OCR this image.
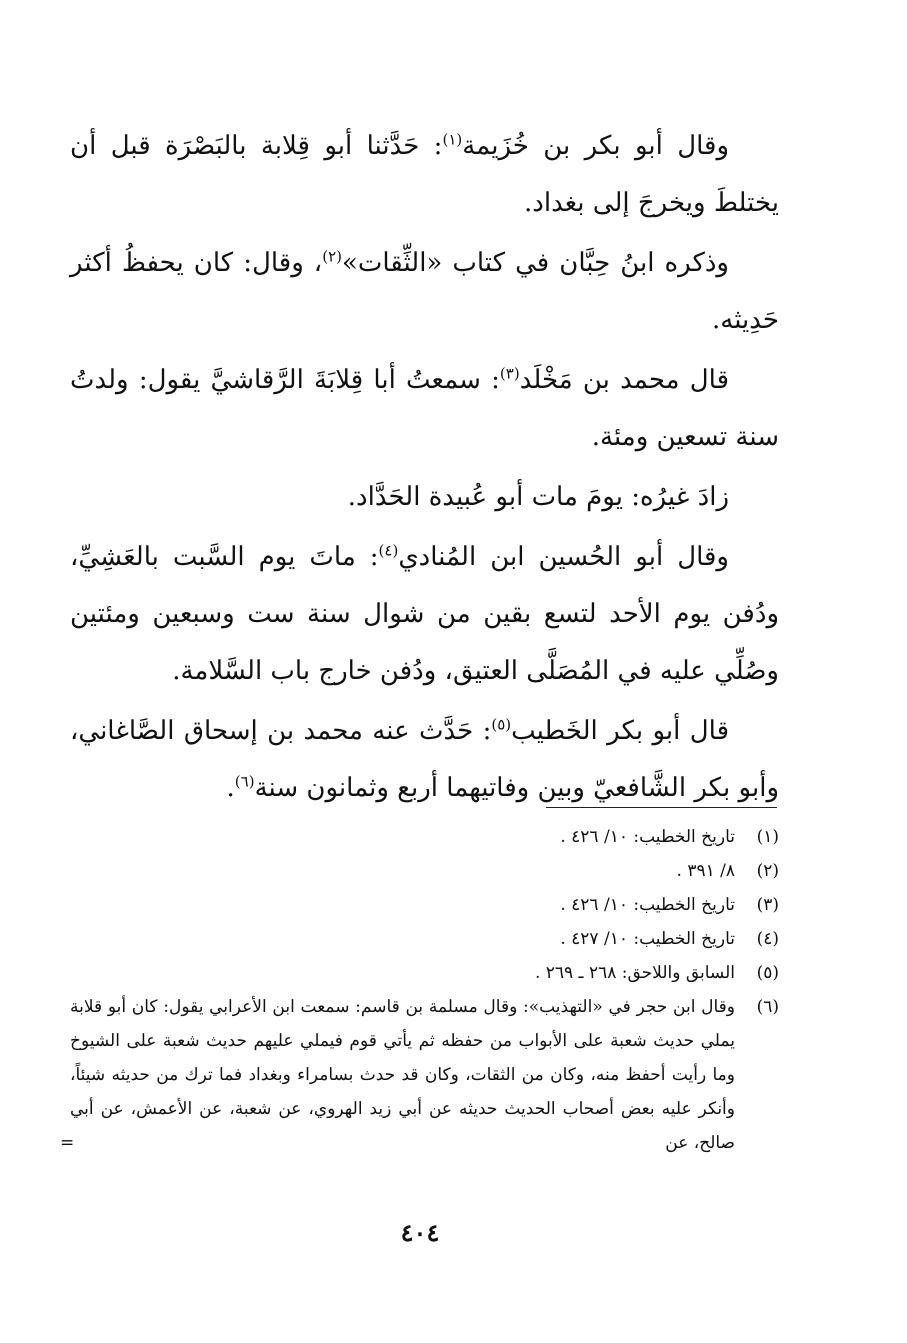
وقال أبو بكر بن خُزَيمة$^{(١)}$: حَدَّثنا أبو قِلابة بالبَصْرَة قبل أن يختلطَ ويخرجَ إلى بغداد.

وذكره ابنُ حِبَّان في كتاب «الثِّقات»$^{(٢)}$، وقال: كان يحفظُ أكثر حَدِيثه.

قال محمد بن مَخْلَد$^{(٣)}$: سمعتُ أبا قِلابَةَ الرَّقاشيَّ يقول: ولدتُ سنة تسعين ومئة.

زادَ غيرُه: يومَ مات أبو عُبيدة الحَدَّاد.

وقال أبو الحُسين ابن المُنادي$^{(٤)}$: ماتَ يوم السَّبت بالعَشِيِّ، ودُفن يوم الأحد لتسع بقين من شوال سنة ست وسبعين ومئتين وصُلِّي عليه في المُصَلَّى العتيق، ودُفن خارج باب السَّلامة.

قال أبو بكر الخَطيب$^{(٥)}$: حَدَّث عنه محمد بن إسحاق الصَّاغاني، وأبو بكر الشَّافعيّ وبين وفاتيهما أربع وثمانون سنة$^{(٦)}$.

(١)
تاريخ الخطيب: ١٠/ ٤٢٦ .
(٢)
٨/ ٣٩١ .
(٣)
تاريخ الخطيب: ١٠/ ٤٢٦ .
(٤)
تاريخ الخطيب: ١٠/ ٤٢٧ .
(٥)
السابق واللاحق: ٢٦٨ ـ ٢٦٩ .
(٦)
وقال ابن حجر في «التهذيب»: وقال مسلمة بن قاسم: سمعت ابن الأعرابي يقول: كان أبو قلابة يملي حديث شعبة على الأبواب من حفظه ثم يأتي قوم فيملي عليهم حديث شعبة على الشيوخ وما رأيت أحفظ منه، وكان من الثقات، وكان قد حدث بسامراء وبغداد فما ترك من حديثه شيئاً، وأنكر عليه بعض أصحاب الحديث حديثه عن أبي زيد الهروي، عن شعبة، عن الأعمش، عن أبي صالح، عن
=
٤٠٤
